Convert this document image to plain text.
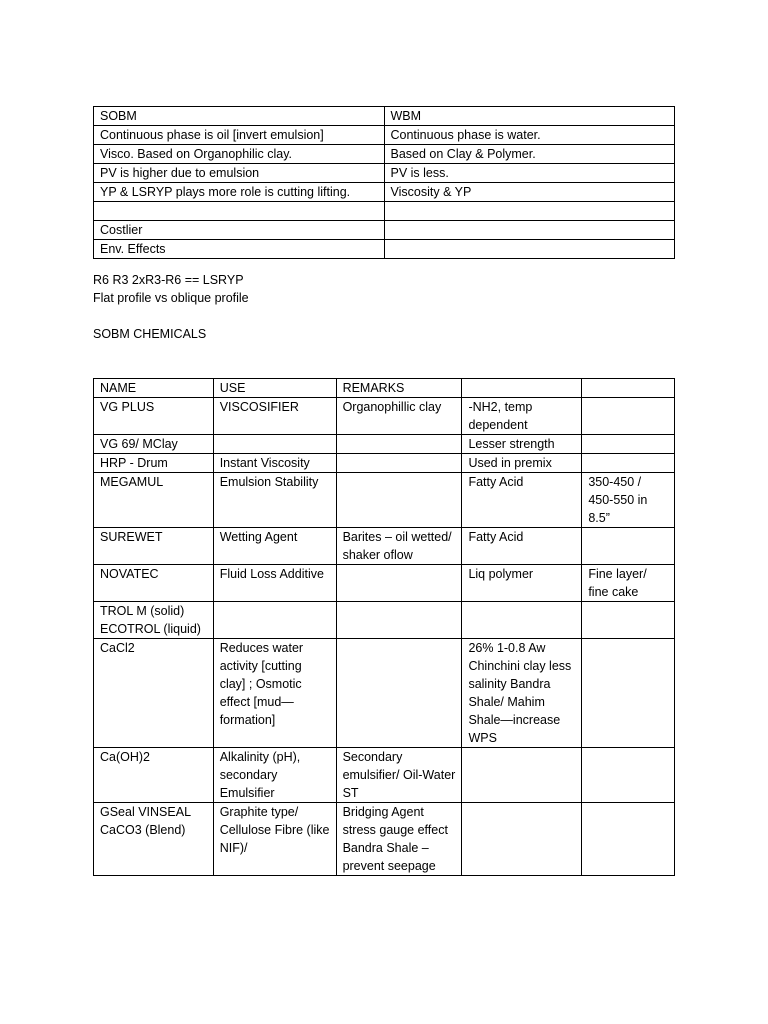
SOBM	WBM
Continuous phase is oil [invert emulsion]	Continuous phase is water.
Visco. Based on Organophilic clay.	Based on Clay & Polymer.
PV is higher due to emulsion	PV is less.
YP & LSRYP plays more role is cutting lifting.	Viscosity & YP

Costlier	
Env. Effects	
R6 R3 2xR3-R6 == LSRYP
Flat profile vs oblique profile
SOBM CHEMICALS
NAME	USE	REMARKS		
VG PLUS	VISCOSIFIER	Organophillic clay	-NH2, temp dependent	
VG 69/ MClay			Lesser strength	
HRP - Drum	Instant Viscosity		Used in premix	
MEGAMUL	Emulsion Stability		Fatty Acid	350-450 / 450-550 in 8.5”
SUREWET	Wetting Agent	Barites – oil wetted/ shaker oflow	Fatty Acid	
NOVATEC	Fluid Loss Additive		Liq polymer	Fine layer/ fine cake
TROL M (solid) ECOTROL (liquid)				
CaCl2	Reduces water activity [cutting clay] ; Osmotic effect [mud—formation]		26% 1-0.8 Aw Chinchini clay less salinity Bandra Shale/ Mahim Shale—increase WPS	
Ca(OH)2	Alkalinity (pH), secondary Emulsifier	Secondary emulsifier/ Oil-Water ST		
GSeal VINSEAL CaCO3 (Blend)	Graphite type/ Cellulose Fibre (like NIF)/	Bridging Agent stress gauge effect Bandra Shale – prevent seepage		
